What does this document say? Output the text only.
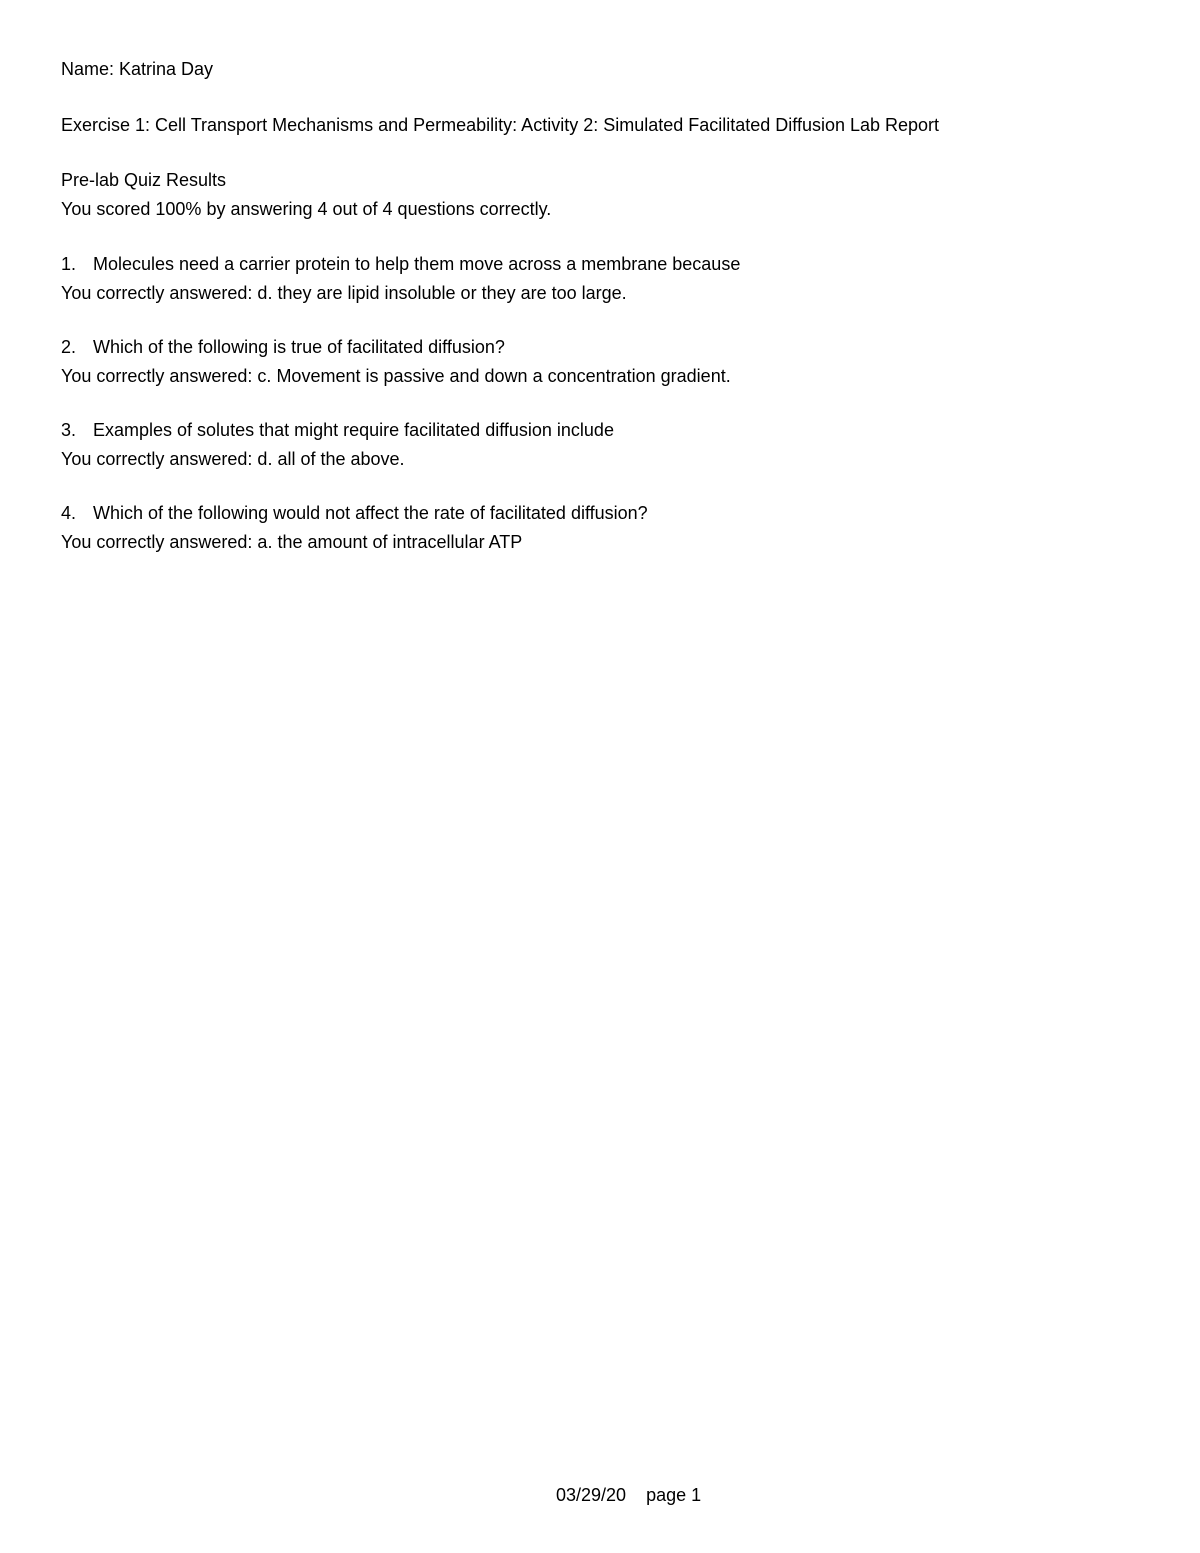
Name: Katrina Day
Exercise 1: Cell Transport Mechanisms and Permeability: Activity 2: Simulated Facilitated Diffusion Lab Report
Pre-lab Quiz Results
You scored 100% by answering 4 out of 4 questions correctly.
1. Molecules need a carrier protein to help them move across a membrane because
You correctly answered: d. they are lipid insoluble or they are too large.
2. Which of the following is true of facilitated diffusion?
You correctly answered: c. Movement is passive and down a concentration gradient.
3. Examples of solutes that might require facilitated diffusion include
You correctly answered: d. all of the above.
4. Which of the following would not affect the rate of facilitated diffusion?
You correctly answered: a. the amount of intracellular ATP
03/29/20 page 1
